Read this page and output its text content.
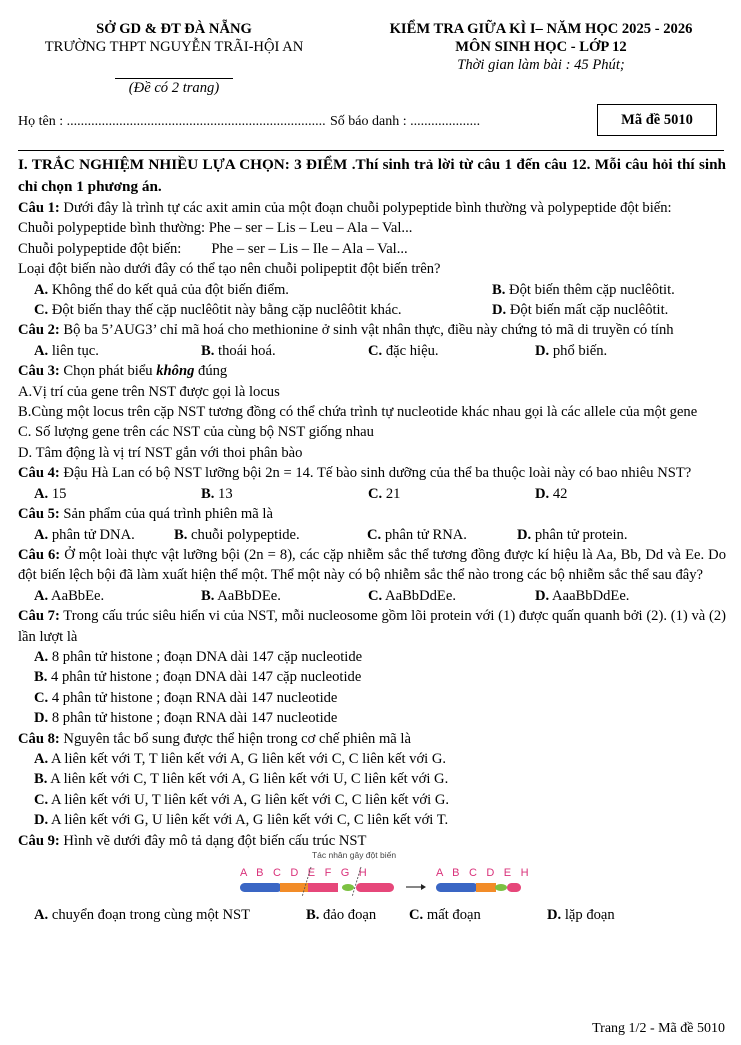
SỞ GD & ĐT ĐÀ NẴNG
TRƯỜNG THPT NGUYỄN TRÃI-HỘI AN
(Đề có 2 trang)
KIỂM TRA GIỮA KÌ I– NĂM HỌC 2025 - 2026
MÔN SINH HỌC - LỚP 12
Thời gian làm bài : 45 Phút;
Họ tên : .......................................................................... Số báo danh : ....................	Mã đề 5010
I. TRẮC NGHIỆM NHIỀU LỰA CHỌN: 3 ĐIỂM .Thí sinh trả lời từ câu 1 đến câu 12. Mỗi câu hỏi thí sinh chỉ chọn 1 phương án.
Câu 1: Dưới đây là trình tự các axit amin của một đoạn chuỗi polypeptide bình thường và polypeptide đột biến:
Chuỗi polypeptide bình thường: Phe – ser – Lis – Leu – Ala – Val...
Chuỗi polypeptide đột biến: Phe – ser – Lis – Ile – Ala – Val...
Loại đột biến nào dưới đây có thể tạo nên chuỗi polipeptit đột biến trên?
A. Không thể do kết quả của đột biến điểm.	B. Đột biến thêm cặp nuclêôtit.
C. Đột biến thay thế cặp nuclêôtit này bằng cặp nuclêôtit khác.	D. Đột biến mất cặp nuclêôtit.
Câu 2: Bộ ba 5’AUG3’ chỉ mã hoá cho methionine ở sinh vật nhân thực, điều này chứng tỏ mã di truyền có tính
A. liên tục.	B. thoái hoá.	C. đặc hiệu.	D. phổ biến.
Câu 3: Chọn phát biểu không đúng
A.Vị trí của gene trên NST được gọi là locus
B.Cùng một locus trên cặp NST tương đồng có thể chứa trình tự nucleotide khác nhau gọi là các allele của một gene
C. Số lượng gene trên các NST của cùng bộ NST giống nhau
D. Tâm động là vị trí NST gắn với thoi phân bào
Câu 4: Đậu Hà Lan có bộ NST lưỡng bội 2n = 14. Tế bào sinh dưỡng của thể ba thuộc loài này có bao nhiêu NST?
A. 15	B. 13	C. 21	D. 42
Câu 5: Sản phẩm của quá trình phiên mã là
A. phân tử DNA.	B. chuỗi polypeptide.	C. phân tử RNA.	D. phân tử protein.
Câu 6: Ở một loài thực vật lưỡng bội (2n = 8), các cặp nhiễm sắc thể tương đồng được kí hiệu là Aa, Bb, Dd và Ee. Do đột biến lệch bội đã làm xuất hiện thể một. Thể một này có bộ nhiễm sắc thể nào trong các bộ nhiễm sắc thể sau đây?
A. AaBbEe.	B. AaBbDEe.	C. AaBbDdEe.	D. AaaBbDdEe.
Câu 7: Trong cấu trúc siêu hiển vi của NST, mỗi nucleosome gồm lõi protein với (1) được quấn quanh bởi (2). (1) và (2) lần lượt là
A. 8 phân tử histone ; đoạn DNA dài 147 cặp nucleotide
B. 4 phân tử histone ; đoạn DNA dài 147 cặp nucleotide
C. 4 phân tử histone ; đoạn RNA dài 147 nucleotide
D. 8 phân tử histone ; đoạn RNA dài 147 nucleotide
Câu 8: Nguyên tắc bổ sung được thể hiện trong cơ chế phiên mã là
A. A liên kết với T, T liên kết với A, G liên kết với C, C liên kết với G.
B. A liên kết với C, T liên kết với A, G liên kết với U, C liên kết với G.
C. A liên kết với U, T liên kết với A, G liên kết với C, C liên kết với G.
D. A liên kết với G, U liên kết với A, G liên kết với C, C liên kết với T.
Câu 9: Hình vẽ dưới đây mô tả dạng đột biến cấu trúc NST
Tác nhân gây đột biến
A B C D E F G H	A B C D E H
A. chuyển đoạn trong cùng một NST	B. đảo đoạn	C. mất đoạn	D. lặp đoạn
Trang 1/2 - Mã đề 5010
